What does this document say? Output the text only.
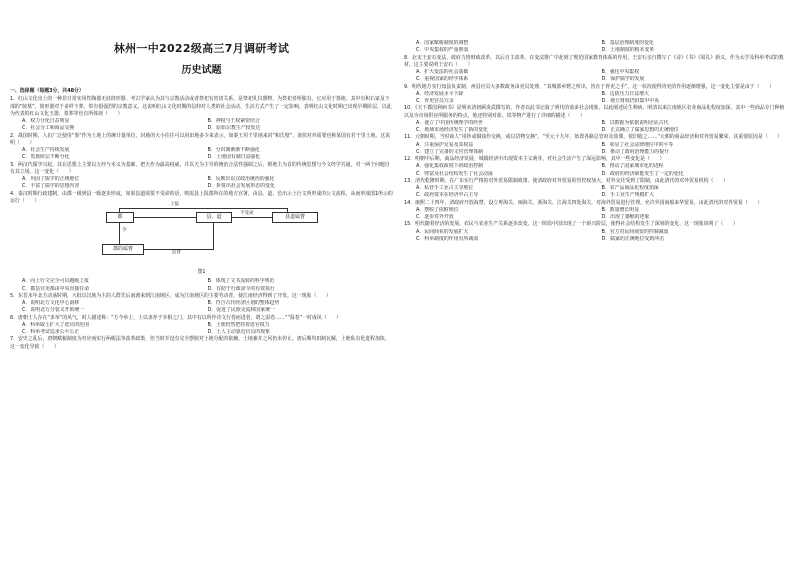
林州一中2022级高三7月调研考试
历史试题
一、选择题（每题3分，共48分）
1．红山文化出土的一种非日常实用性陶器无底筒形器。考古学家认为其与宗教活动或者祭祀有密切关系，是祭祀礼仪器物，为祭祀者所独有。它应用于墓地，其中有积石冢及下部的“陵墓”，筒形器对于多样下葬，带有很强烈的宗教意义。这说明红山文化时期的信仰对人类的社会活动、生活方式产生了一定影响，表明红山文化时期已出现早期阶层，以此为代表的红山文化玉器、墓葬等也有所体现（　　）
A．权力分化日益明显	B．神权与王权紧密结合
C．社会分工和商品交换	D．原始宗教生产较发达
2．战国时期，人们广泛使用“鉴”作为土地上的统计量单位，封地的大小往往可以用田地多少来表示，如秦王用千里地来封“和氏璧”，诸侯对外需要也称某国有若干里土地。这说明（　　）
A．社会生产持续发展	B．分封制渐渐不断强化
C．贵族阶层不断分化	D．土地国有制日益强化
3．两汉代儒学兴起，其在思想上主要以五经与本义为基础，把天作为最高权威，并以天为主导的统治合法性强调之后，则地主为首的传统思想与今文经学共通，对一两个问题自有其立场。这一变化（　　）
A．巩固了儒学的正统地位	B．反映出东汉政治统治的强化
C．丰富了儒学的思想内容	D．折射出社会发展形态的变化
4．秦汉时期行政建制，由郡一级到县一级逐步形成，如果县道需要不受命的话，则需县上报郡所在的地方官署，由县、道、邑出示上行文所形成的公文流程，从而形成图1所示的运行（　　）
郡	县、道	县道属曹
郡的属曹
上报
不受命
令
监督
图1
A．向上行文完全可以越级上报	B．体现了文书流转的科学规范
C．郡县官吏都由中央直接任命	D．有助于行政命令的有效执行
5．东晋末年北方动荡时期，大批以汉族为主的人群先后南渡来到江南地区，成为江南地区的主要劳动者，使江南经济得到了开发。这一现象（　　）
A．说明北方文化中心南移	B．符合古代经济区划的整体趋势
C．说明北方分裂又开始统一	D．促进了民族交流和国家统一
6．唐朝士人存在“求举”的风气，时人描述称：“方今举士，士以求荐于宰相之门，其中有以所作诗文行卷而进者，谓之温卷……”“温卷”一时成风（　　）
A．科举取士扩大了选官的范围	B．士族仍然把持着选官权力
C．科举考试追求公平公正	D．士人主动靠近官员的现象
7．安史之乱后，唐朝赋税制度为对应而实行两税法等改革政策，但当时并没有完全摆脱对土地分配的依赖，土地兼并之风仍未停止。唐后期均田制瓦解，土地私有化进程加快，这一变化导致（　　）
A．国家赋税制度的调整	B．基层治理制度的变化
C．中央集权的严重削弱	D．土地制度的根本变革
8．北宋王安石变法，政府力推财政改革，以后自主改革，在变法推广中起到了规范国家教育体系的作用。王安石亲自撰写了《诗》《书》《周礼》新义，作为太学及科举考试的教材。这主要说明王安石（　　）
A．扩大变法的社会基础	B．强化中央集权
C．重视国家的经学体系	D．保护儒学的发展
9．明代地方实行知县负责制，州县官员大多数政务由吏员处理，“其城郭乡野之所出，皆在于胥吏之手”，这一状况使得胥吏的作用逐渐增强，这一变化主要是由于（　　）
A．经济发展水平下降	B．边防压力日益增大
C．胥吏官员冗余	D．地方财权仍旧集中中央
10．《天下郡国利病书》是明末清初顾炎武撰写的，作者以此书记叙了明代的诸多社会现象，以此阐述民生利病，明清以来江南地区农业商品化程度加深，其中一些商品专门种植以及为市场供应所服务的特点，他还特别对盐、铁等物产进行了详细的描述（　　）
A．使立了中国传统理学的经世	B．以数据为依据说明论证古代
C．地域市场经济发生了新的变化	D．正式确立了儒家思想的正统地位
11．元朝时期，当时商人“用钞或铜钱作交换，或以货物交换”。“至元十九年，始置各路总管府及盐课，依旧收之……”元朝的商品经济和对外贸易繁荣，其重要原因是（　　）
A．注重保护交易及其权益	B．彰显了社会法律地位中的平等
C．建立了完备的文官管理体制	D．推动了政府治理能力的提升
12．明朝中后期，商品经济发展，城镇经济中出现资本主义萌芽，对社会生活产生了深远影响，其中一些变化是（　　）
A．强化集权政权下的政治控制	B．推动了国家城市化的进程
C．财富及社会结构发生了社会动荡	D．政府的经济职能发生了一定的变化
13．清代乾隆时期，在广东实行严格的对外贸易限制政策，使清政府对外贸易的管控权加大，对外交往受到了限制，由此清代的对外贸易机构（　　）
A．私营手工业占主导地位	B．农产品商品化程度加深
C．政府资本在经济中占主导	D．手工业生产规模扩大
14．康熙二十四年，清政府开放海禁，设立粤海关、闽海关、浙海关、江海关四处海关，对海外贸易进行管理，允许外国商船来华贸易，由此清代的对外贸易（　　）
A．摆脱了依附地位	B．数量增长明显
C．逐步对外开放	D．出现了萎缩的迹象
15．明代随着经济的发展，农民与农业生产关系逐步改变，这一阶段中国出现了一个新兴阶层，使得社会结构发生了深刻的变化，这一现象说明了（　　）
A．民间商业的发展扩大	B．官方对民间商贸的控制减弱
C．科举制度的作用有所减弱	D．儒家的正统地位受到冲击
